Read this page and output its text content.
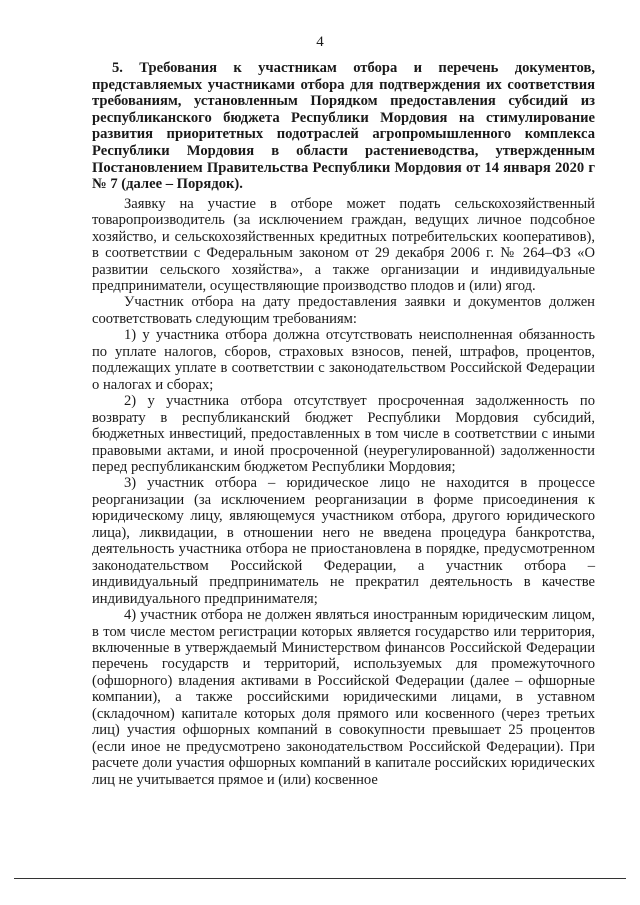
4

5. Требования к участникам отбора и перечень документов, представляемых участниками отбора для подтверждения их соответствия требованиям, установленным Порядком предоставления субсидий из республиканского бюджета Республики Мордовия на стимулирование развития приоритетных подотраслей агропромышленного комплекса Республики Мордовия в области растениеводства, утвержденным Постановлением Правительства Республики Мордовия от 14 января 2020 г № 7 (далее – Порядок).

Заявку на участие в отборе может подать сельскохозяйственный товаропроизводитель (за исключением граждан, ведущих личное подсобное хозяйство, и сельскохозяйственных кредитных потребительских кооперативов), в соответствии с Федеральным законом от 29 декабря 2006 г. № 264–ФЗ «О развитии сельского хозяйства», а также организации и индивидуальные предприниматели, осуществляющие производство плодов и (или) ягод.

Участник отбора на дату предоставления заявки и документов должен соответствовать следующим требованиям:

1) у участника отбора должна отсутствовать неисполненная обязанность по уплате налогов, сборов, страховых взносов, пеней, штрафов, процентов, подлежащих уплате в соответствии с законодательством Российской Федерации о налогах и сборах;

2) у участника отбора отсутствует просроченная задолженность по возврату в республиканский бюджет Республики Мордовия субсидий, бюджетных инвестиций, предоставленных в том числе в соответствии с иными правовыми актами, и иной просроченной (неурегулированной) задолженности перед республиканским бюджетом Республики Мордовия;

3) участник отбора – юридическое лицо не находится в процессе реорганизации (за исключением реорганизации в форме присоединения к юридическому лицу, являющемуся участником отбора, другого юридического лица), ликвидации, в отношении него не введена процедура банкротства, деятельность участника отбора не приостановлена в порядке, предусмотренном законодательством Российской Федерации, а участник отбора – индивидуальный предприниматель не прекратил деятельность в качестве индивидуального предпринимателя;

4) участник отбора не должен являться иностранным юридическим лицом, в том числе местом регистрации которых является государство или территория, включенные в утверждаемый Министерством финансов Российской Федерации перечень государств и территорий, используемых для промежуточного (офшорного) владения активами в Российской Федерации (далее – офшорные компании), а также российскими юридическими лицами, в уставном (складочном) капитале которых доля прямого или косвенного (через третьих лиц) участия офшорных компаний в совокупности превышает 25 процентов (если иное не предусмотрено законодательством Российской Федерации). При расчете доли участия офшорных компаний в капитале российских юридических лиц не учитывается прямое и (или) косвенное
